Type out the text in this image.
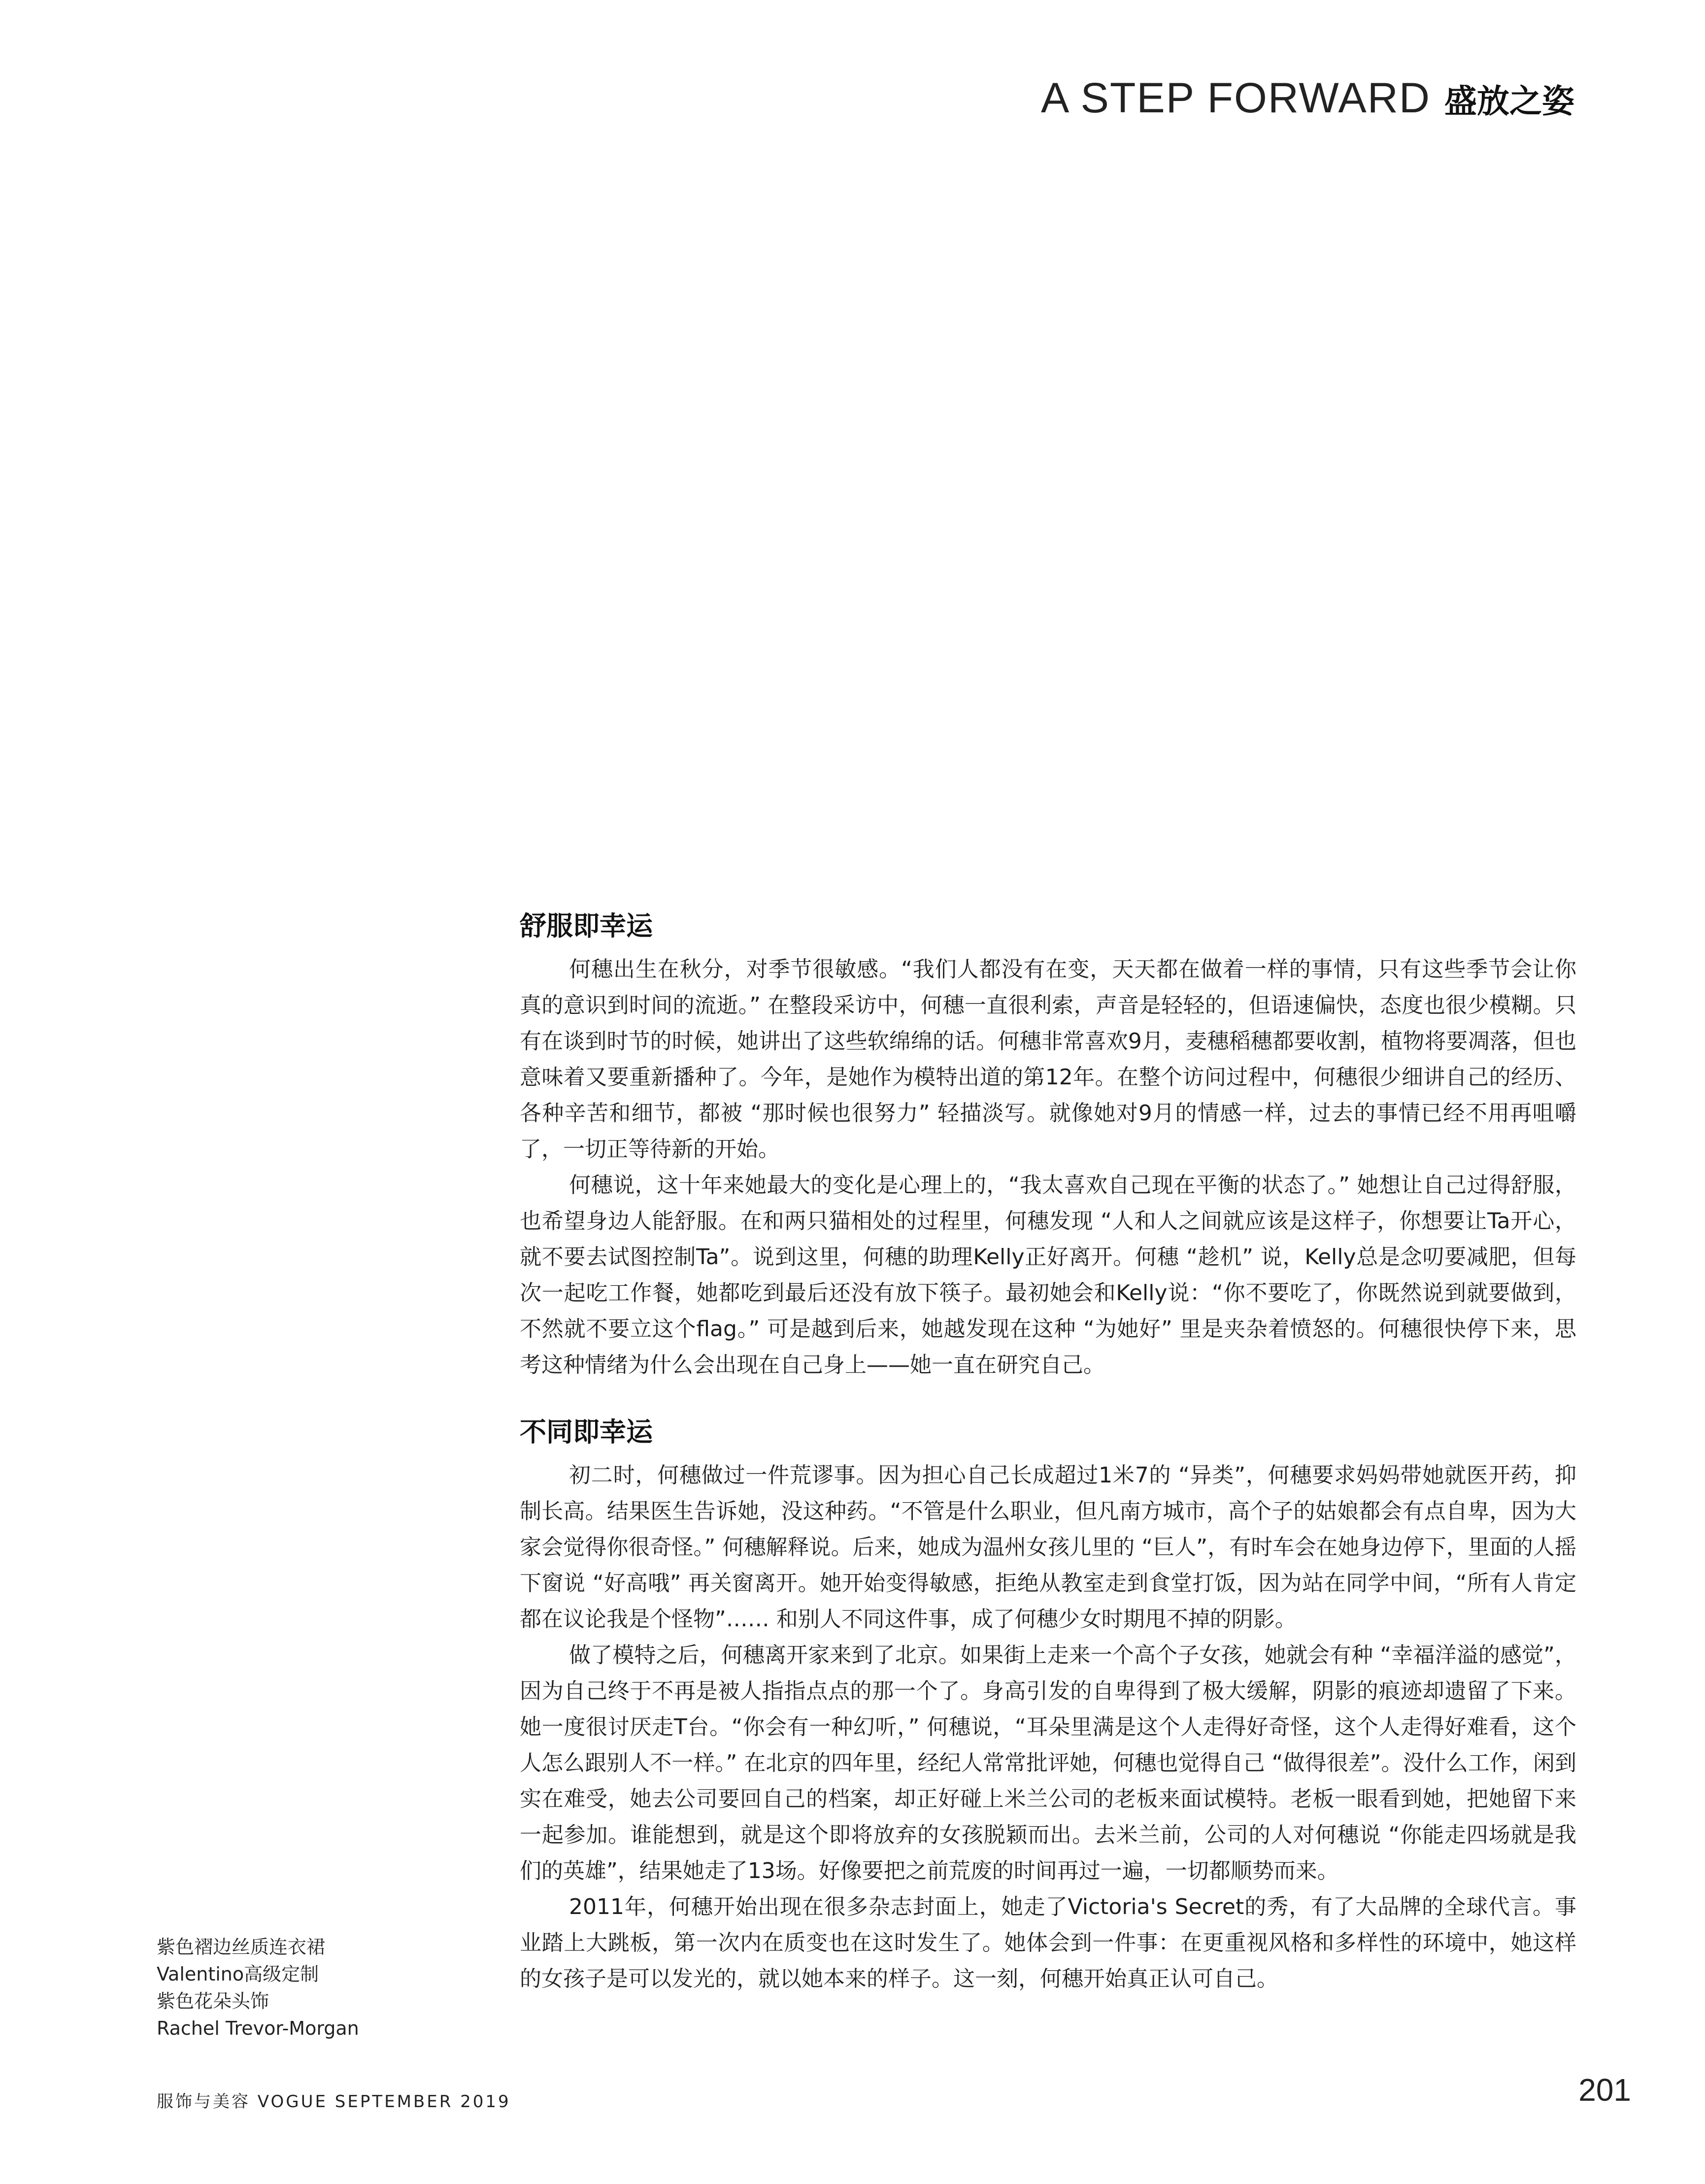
A STEP FORWARD 盛放之姿
舒服即幸运

何穗出生在秋分，对季节很敏感。“我们人都没有在变，天天都在做着一样的事情，只有这些季节会让你真的意识到时间的流逝。” 在整段采访中，何穗一直很利索，声音是轻轻的，但语速偏快，态度也很少模糊。只有在谈到时节的时候，她讲出了这些软绵绵的话。何穗非常喜欢9月，麦穗稻穗都要收割，植物将要凋落，但也意味着又要重新播种了。今年，是她作为模特出道的第12年。在整个访问过程中，何穗很少细讲自己的经历、各种辛苦和细节，都被 “那时候也很努力” 轻描淡写。就像她对9月的情感一样，过去的事情已经不用再咀嚼了，一切正等待新的开始。

何穗说，这十年来她最大的变化是心理上的，“我太喜欢自己现在平衡的状态了。” 她想让自己过得舒服，也希望身边人能舒服。在和两只猫相处的过程里，何穗发现 “人和人之间就应该是这样子，你想要让Ta开心，就不要去试图控制Ta”。说到这里，何穗的助理Kelly正好离开。何穗 “趁机” 说，Kelly总是念叨要减肥，但每次一起吃工作餐，她都吃到最后还没有放下筷子。最初她会和Kelly说：“你不要吃了，你既然说到就要做到，不然就不要立这个flag。” 可是越到后来，她越发现在这种 “为她好” 里是夹杂着愤怒的。何穗很快停下来，思考这种情绪为什么会出现在自己身上——她一直在研究自己。

不同即幸运

初二时，何穗做过一件荒谬事。因为担心自己长成超过1米7的 “异类”，何穗要求妈妈带她就医开药，抑制长高。结果医生告诉她，没这种药。“不管是什么职业，但凡南方城市，高个子的姑娘都会有点自卑，因为大家会觉得你很奇怪。” 何穗解释说。后来，她成为温州女孩儿里的 “巨人”，有时车会在她身边停下，里面的人摇下窗说 “好高哦” 再关窗离开。她开始变得敏感，拒绝从教室走到食堂打饭，因为站在同学中间，“所有人肯定都在议论我是个怪物”…… 和别人不同这件事，成了何穗少女时期甩不掉的阴影。

做了模特之后，何穗离开家来到了北京。如果街上走来一个高个子女孩，她就会有种 “幸福洋溢的感觉”，因为自己终于不再是被人指指点点的那一个了。身高引发的自卑得到了极大缓解，阴影的痕迹却遗留了下来。她一度很讨厌走T台。“你会有一种幻听，” 何穗说，“耳朵里满是这个人走得好奇怪，这个人走得好难看，这个人怎么跟别人不一样。” 在北京的四年里，经纪人常常批评她，何穗也觉得自己 “做得很差”。没什么工作，闲到实在难受，她去公司要回自己的档案，却正好碰上米兰公司的老板来面试模特。老板一眼看到她，把她留下来一起参加。谁能想到，就是这个即将放弃的女孩脱颖而出。去米兰前，公司的人对何穗说 “你能走四场就是我们的英雄”，结果她走了13场。好像要把之前荒废的时间再过一遍，一切都顺势而来。

2011年，何穗开始出现在很多杂志封面上，她走了Victoria's Secret的秀，有了大品牌的全球代言。事业踏上大跳板，第一次内在质变也在这时发生了。她体会到一件事：在更重视风格和多样性的环境中，她这样的女孩子是可以发光的，就以她本来的样子。这一刻，何穗开始真正认可自己。

紫色褶边丝质连衣裙

Valentino高级定制

紫色花朵头饰

Rachel Trevor-Morgan

服饰与美容 VOGUE SEPTEMBER 2019	201
